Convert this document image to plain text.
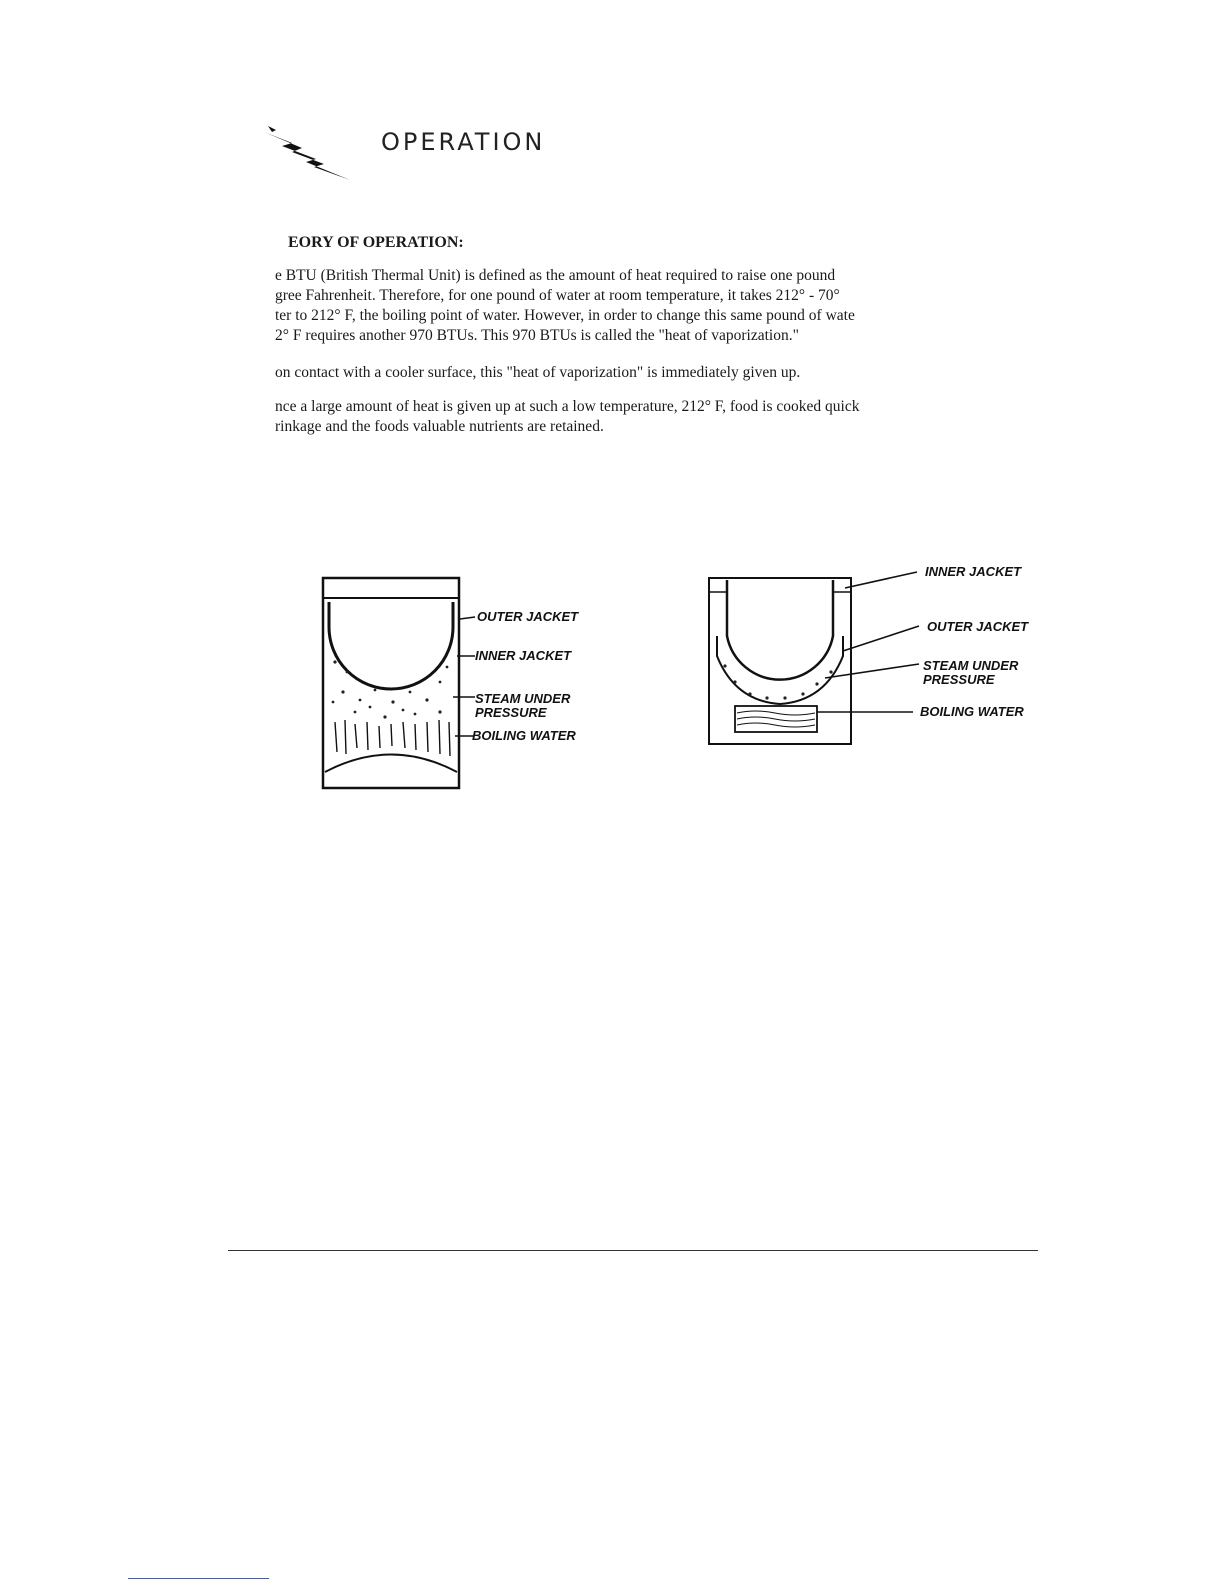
OPERATION
EORY OF OPERATION:
e BTU (British Thermal Unit) is defined as the amount of heat required to raise one pound
gree Fahrenheit. Therefore, for one pound of water at room temperature, it takes 212° - 70°
ter to 212° F, the boiling point of water. However, in order to change this same pound of wate
2° F requires another 970 BTUs. This 970 BTUs is called the "heat of vaporization."
on contact with a cooler surface, this "heat of vaporization" is immediately given up.
nce a large amount of heat is given up at such a low temperature, 212° F, food is cooked quick
rinkage and the foods valuable nutrients are retained.
OUTER JACKET
INNER JACKET
STEAM UNDER
PRESSURE
BOILING WATER
INNER JACKET
OUTER JACKET
STEAM UNDER
PRESSURE
BOILING WATER
